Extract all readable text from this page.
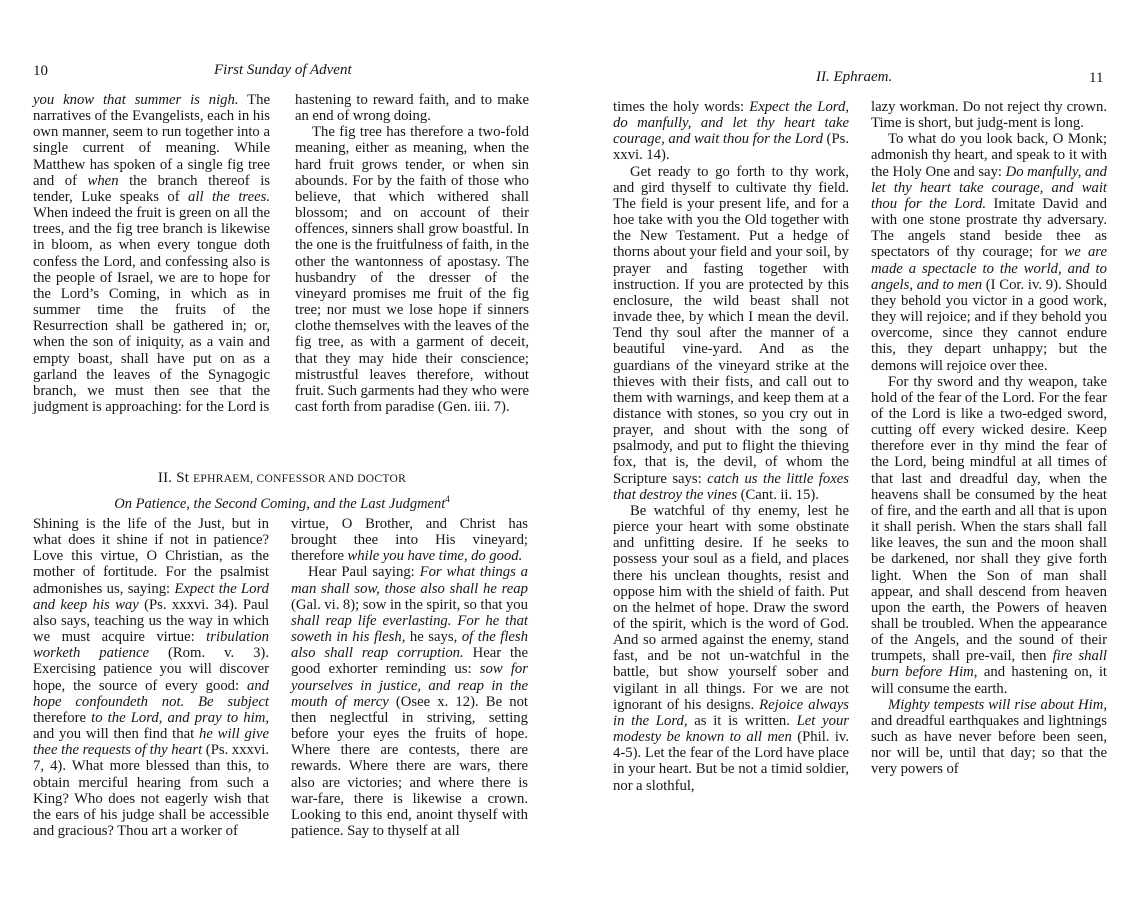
10	First Sunday of Advent

you know that summer is nigh. The narratives of the Evangelists, each in his own manner, seem to run together into a single current of meaning. While Matthew has spoken of a single fig tree and of when the branch thereof is tender, Luke speaks of all the trees. When indeed the fruit is green on all the trees, and the fig tree branch is likewise in bloom, as when every tongue doth confess the Lord, and confessing also is the people of Israel, we are to hope for the Lord’s Coming, in which as in summer time the fruits of the Resurrection shall be gathered in; or, when the son of iniquity, as a vain and empty boast, shall have put on as a garland the leaves of the Synagogic branch, we must then see that the judgment is approaching: for the Lord is

hastening to reward faith, and to make an end of wrong doing.

The fig tree has therefore a two-fold meaning, either as meaning, when the hard fruit grows tender, or when sin abounds. For by the faith of those who believe, that which withered shall blossom; and on account of their offences, sinners shall grow boastful. In the one is the fruitfulness of faith, in the other the wantonness of apostasy. The husbandry of the dresser of the vineyard promises me fruit of the fig tree; nor must we lose hope if sinners clothe themselves with the leaves of the fig tree, as with a garment of deceit, that they may hide their conscience; mistrustful leaves therefore, without fruit. Such garments had they who were cast forth from paradise (Gen. iii. 7).

II. St EPHRAEM, CONFESSOR AND DOCTOR
On Patience, the Second Coming, and the Last Judgment$^4$

Shining is the life of the Just, but in what does it shine if not in patience? Love this virtue, O Christian, as the mother of fortitude. For the psalmist admonishes us, saying: Expect the Lord and keep his way (Ps. xxxvi. 34). Paul also says, teaching us the way in which we must acquire virtue: tribulation worketh patience (Rom. v. 3). Exercising patience you will discover hope, the source of every good: and hope confoundeth not. Be subject therefore to the Lord, and pray to him, and you will then find that he will give thee the requests of thy heart (Ps. xxxvi. 7, 4). What more blessed than this, to obtain merciful hearing from such a King? Who does not eagerly wish that the ears of his judge shall be accessible and gracious? Thou art a worker of

virtue, O Brother, and Christ has brought thee into His vineyard; therefore while you have time, do good.

Hear Paul saying: For what things a man shall sow, those also shall he reap (Gal. vi. 8); sow in the spirit, so that you shall reap life everlasting. For he that soweth in his flesh, he says, of the flesh also shall reap corruption. Hear the good exhorter reminding us: sow for yourselves in justice, and reap in the mouth of mercy (Osee x. 12). Be not then neglectful in striving, setting before your eyes the fruits of hope. Where there are contests, there are rewards. Where there are wars, there also are victories; and where there is war-fare, there is likewise a crown. Looking to this end, anoint thyself with patience. Say to thyself at all

II. Ephraem.	11

times the holy words: Expect the Lord, do manfully, and let thy heart take courage, and wait thou for the Lord (Ps. xxvi. 14).

Get ready to go forth to thy work, and gird thyself to cultivate thy field. The field is your present life, and for a hoe take with you the Old together with the New Testament. Put a hedge of thorns about your field and your soil, by prayer and fasting together with instruction. If you are protected by this enclosure, the wild beast shall not invade thee, by which I mean the devil. Tend thy soul after the manner of a beautiful vine-yard. And as the guardians of the vineyard strike at the thieves with their fists, and call out to them with warnings, and keep them at a distance with stones, so you cry out in prayer, and shout with the song of psalmody, and put to flight the thieving fox, that is, the devil, of whom the Scripture says: catch us the little foxes that destroy the vines (Cant. ii. 15).

Be watchful of thy enemy, lest he pierce your heart with some obstinate and unfitting desire. If he seeks to possess your soul as a field, and places there his unclean thoughts, resist and oppose him with the shield of faith. Put on the helmet of hope. Draw the sword of the spirit, which is the word of God. And so armed against the enemy, stand fast, and be not un-watchful in the battle, but show yourself sober and vigilant in all things. For we are not ignorant of his designs. Rejoice always in the Lord, as it is written. Let your modesty be known to all men (Phil. iv. 4-5). Let the fear of the Lord have place in your heart. But be not a timid soldier, nor a slothful,

lazy workman. Do not reject thy crown. Time is short, but judg-ment is long.

To what do you look back, O Monk; admonish thy heart, and speak to it with the Holy One and say: Do manfully, and let thy heart take courage, and wait thou for the Lord. Imitate David and with one stone prostrate thy adversary. The angels stand beside thee as spectators of thy courage; for we are made a spectacle to the world, and to angels, and to men (I Cor. iv. 9). Should they behold you victor in a good work, they will rejoice; and if they behold you overcome, since they cannot endure this, they depart unhappy; but the demons will rejoice over thee.

For thy sword and thy weapon, take hold of the fear of the Lord. For the fear of the Lord is like a two-edged sword, cutting off every wicked desire. Keep therefore ever in thy mind the fear of the Lord, being mindful at all times of that last and dreadful day, when the heavens shall be consumed by the heat of fire, and the earth and all that is upon it shall perish. When the stars shall fall like leaves, the sun and the moon shall be darkened, nor shall they give forth light. When the Son of man shall appear, and shall descend from heaven upon the earth, the Powers of heaven shall be troubled. When the appearance of the Angels, and the sound of their trumpets, shall pre-vail, then fire shall burn before Him, and hastening on, it will consume the earth.

Mighty tempests will rise about Him, and dreadful earthquakes and lightnings such as have never before been seen, nor will be, until that day; so that the very powers of
